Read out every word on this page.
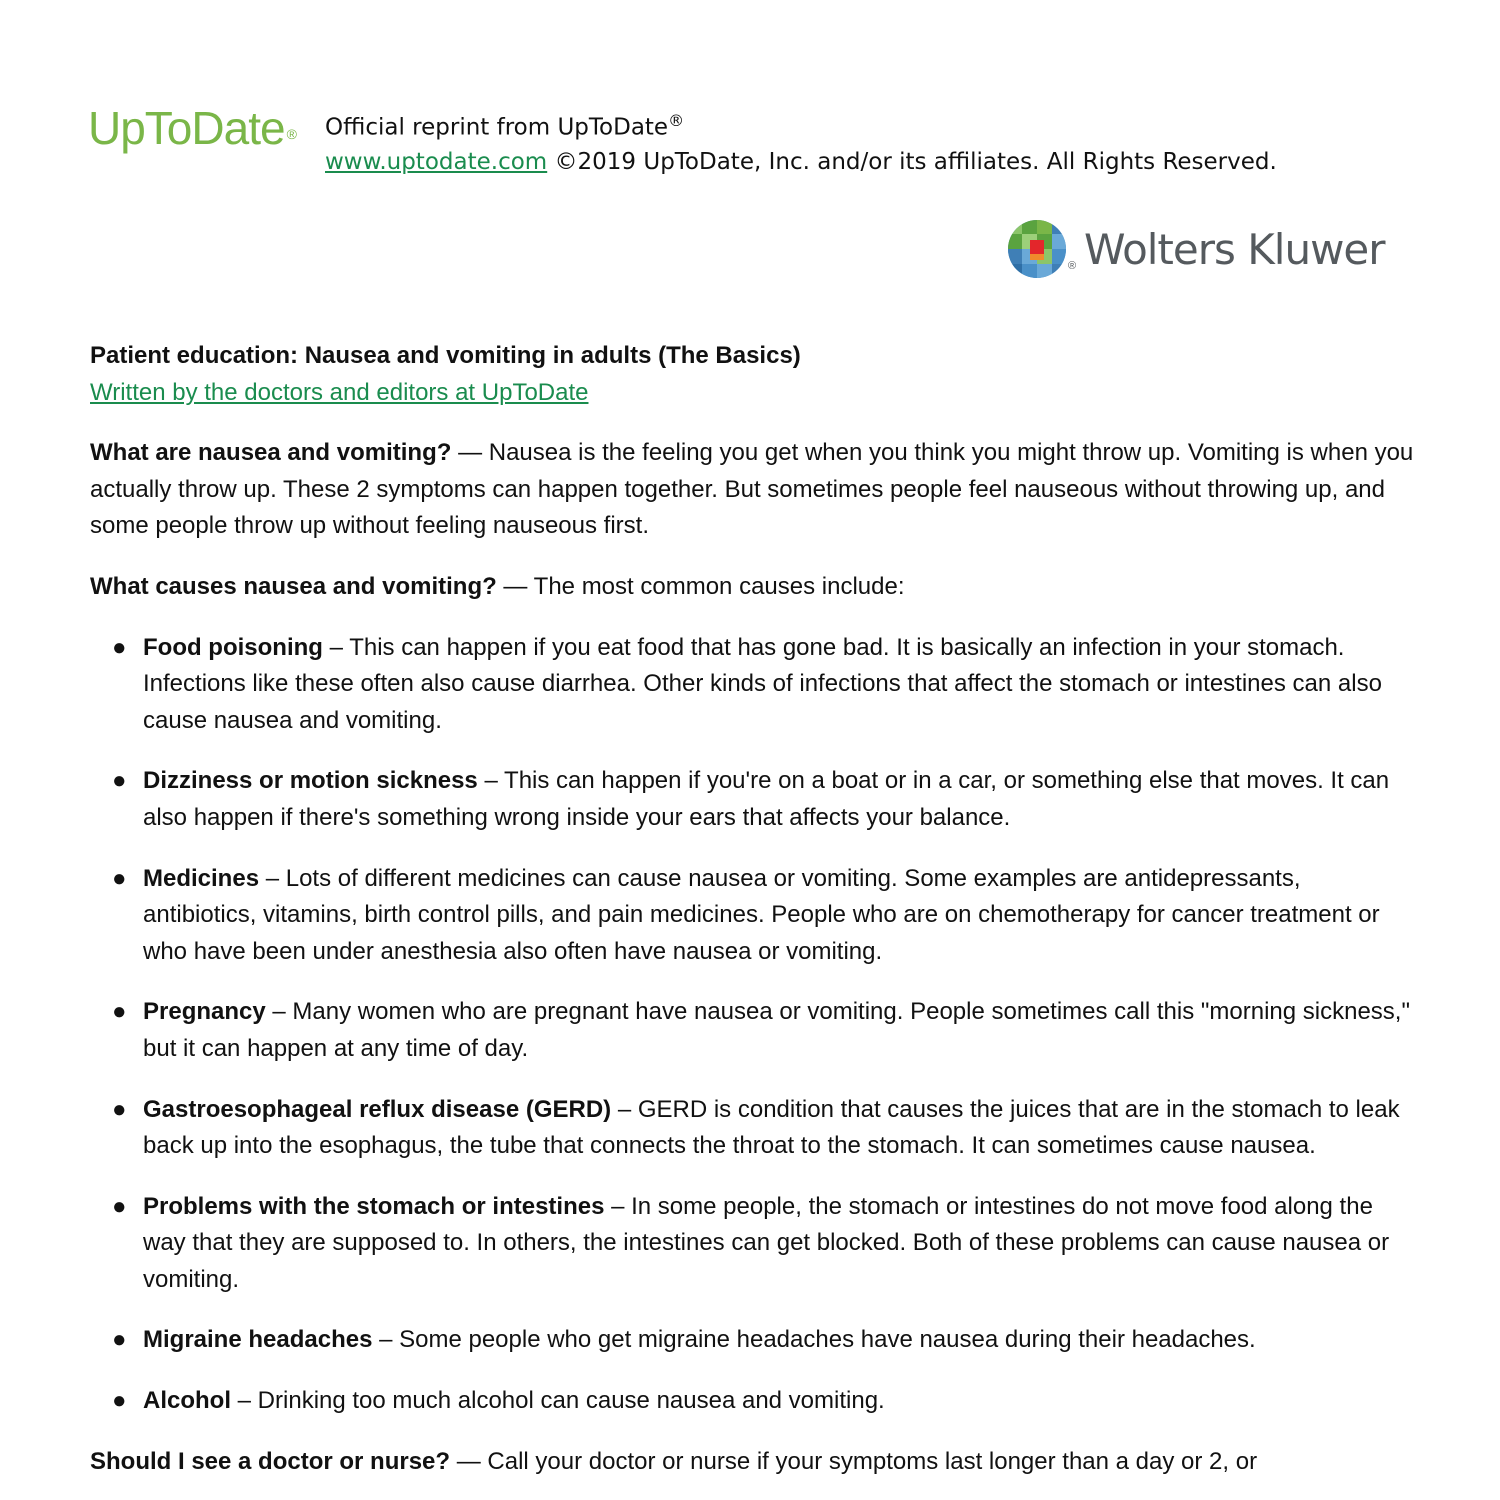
UpToDate ® Official reprint from UpToDate®
www.uptodate.com ©2019 UpToDate, Inc. and/or its affiliates. All Rights Reserved.
® Wolters Kluwer

Patient education: Nausea and vomiting in adults (The Basics)

Written by the doctors and editors at UpToDate

What are nausea and vomiting? — Nausea is the feeling you get when you think you might throw up. Vomiting is when you actually throw up. These 2 symptoms can happen together. But sometimes people feel nauseous without throwing up, and some people throw up without feeling nauseous first.

What causes nausea and vomiting? — The most common causes include:

● Food poisoning – This can happen if you eat food that has gone bad. It is basically an infection in your stomach. Infections like these often also cause diarrhea. Other kinds of infections that affect the stomach or intestines can also cause nausea and vomiting.
● Dizziness or motion sickness – This can happen if you're on a boat or in a car, or something else that moves. It can also happen if there's something wrong inside your ears that affects your balance.
● Medicines – Lots of different medicines can cause nausea or vomiting. Some examples are antidepressants, antibiotics, vitamins, birth control pills, and pain medicines. People who are on chemotherapy for cancer treatment or who have been under anesthesia also often have nausea or vomiting.
● Pregnancy – Many women who are pregnant have nausea or vomiting. People sometimes call this "morning sickness," but it can happen at any time of day.
● Gastroesophageal reflux disease (GERD) – GERD is condition that causes the juices that are in the stomach to leak back up into the esophagus, the tube that connects the throat to the stomach. It can sometimes cause nausea.
● Problems with the stomach or intestines – In some people, the stomach or intestines do not move food along the way that they are supposed to. In others, the intestines can get blocked. Both of these problems can cause nausea or vomiting.
● Migraine headaches – Some people who get migraine headaches have nausea during their headaches.
● Alcohol – Drinking too much alcohol can cause nausea and vomiting.

Should I see a doctor or nurse? — Call your doctor or nurse if your symptoms last longer than a day or 2, or
